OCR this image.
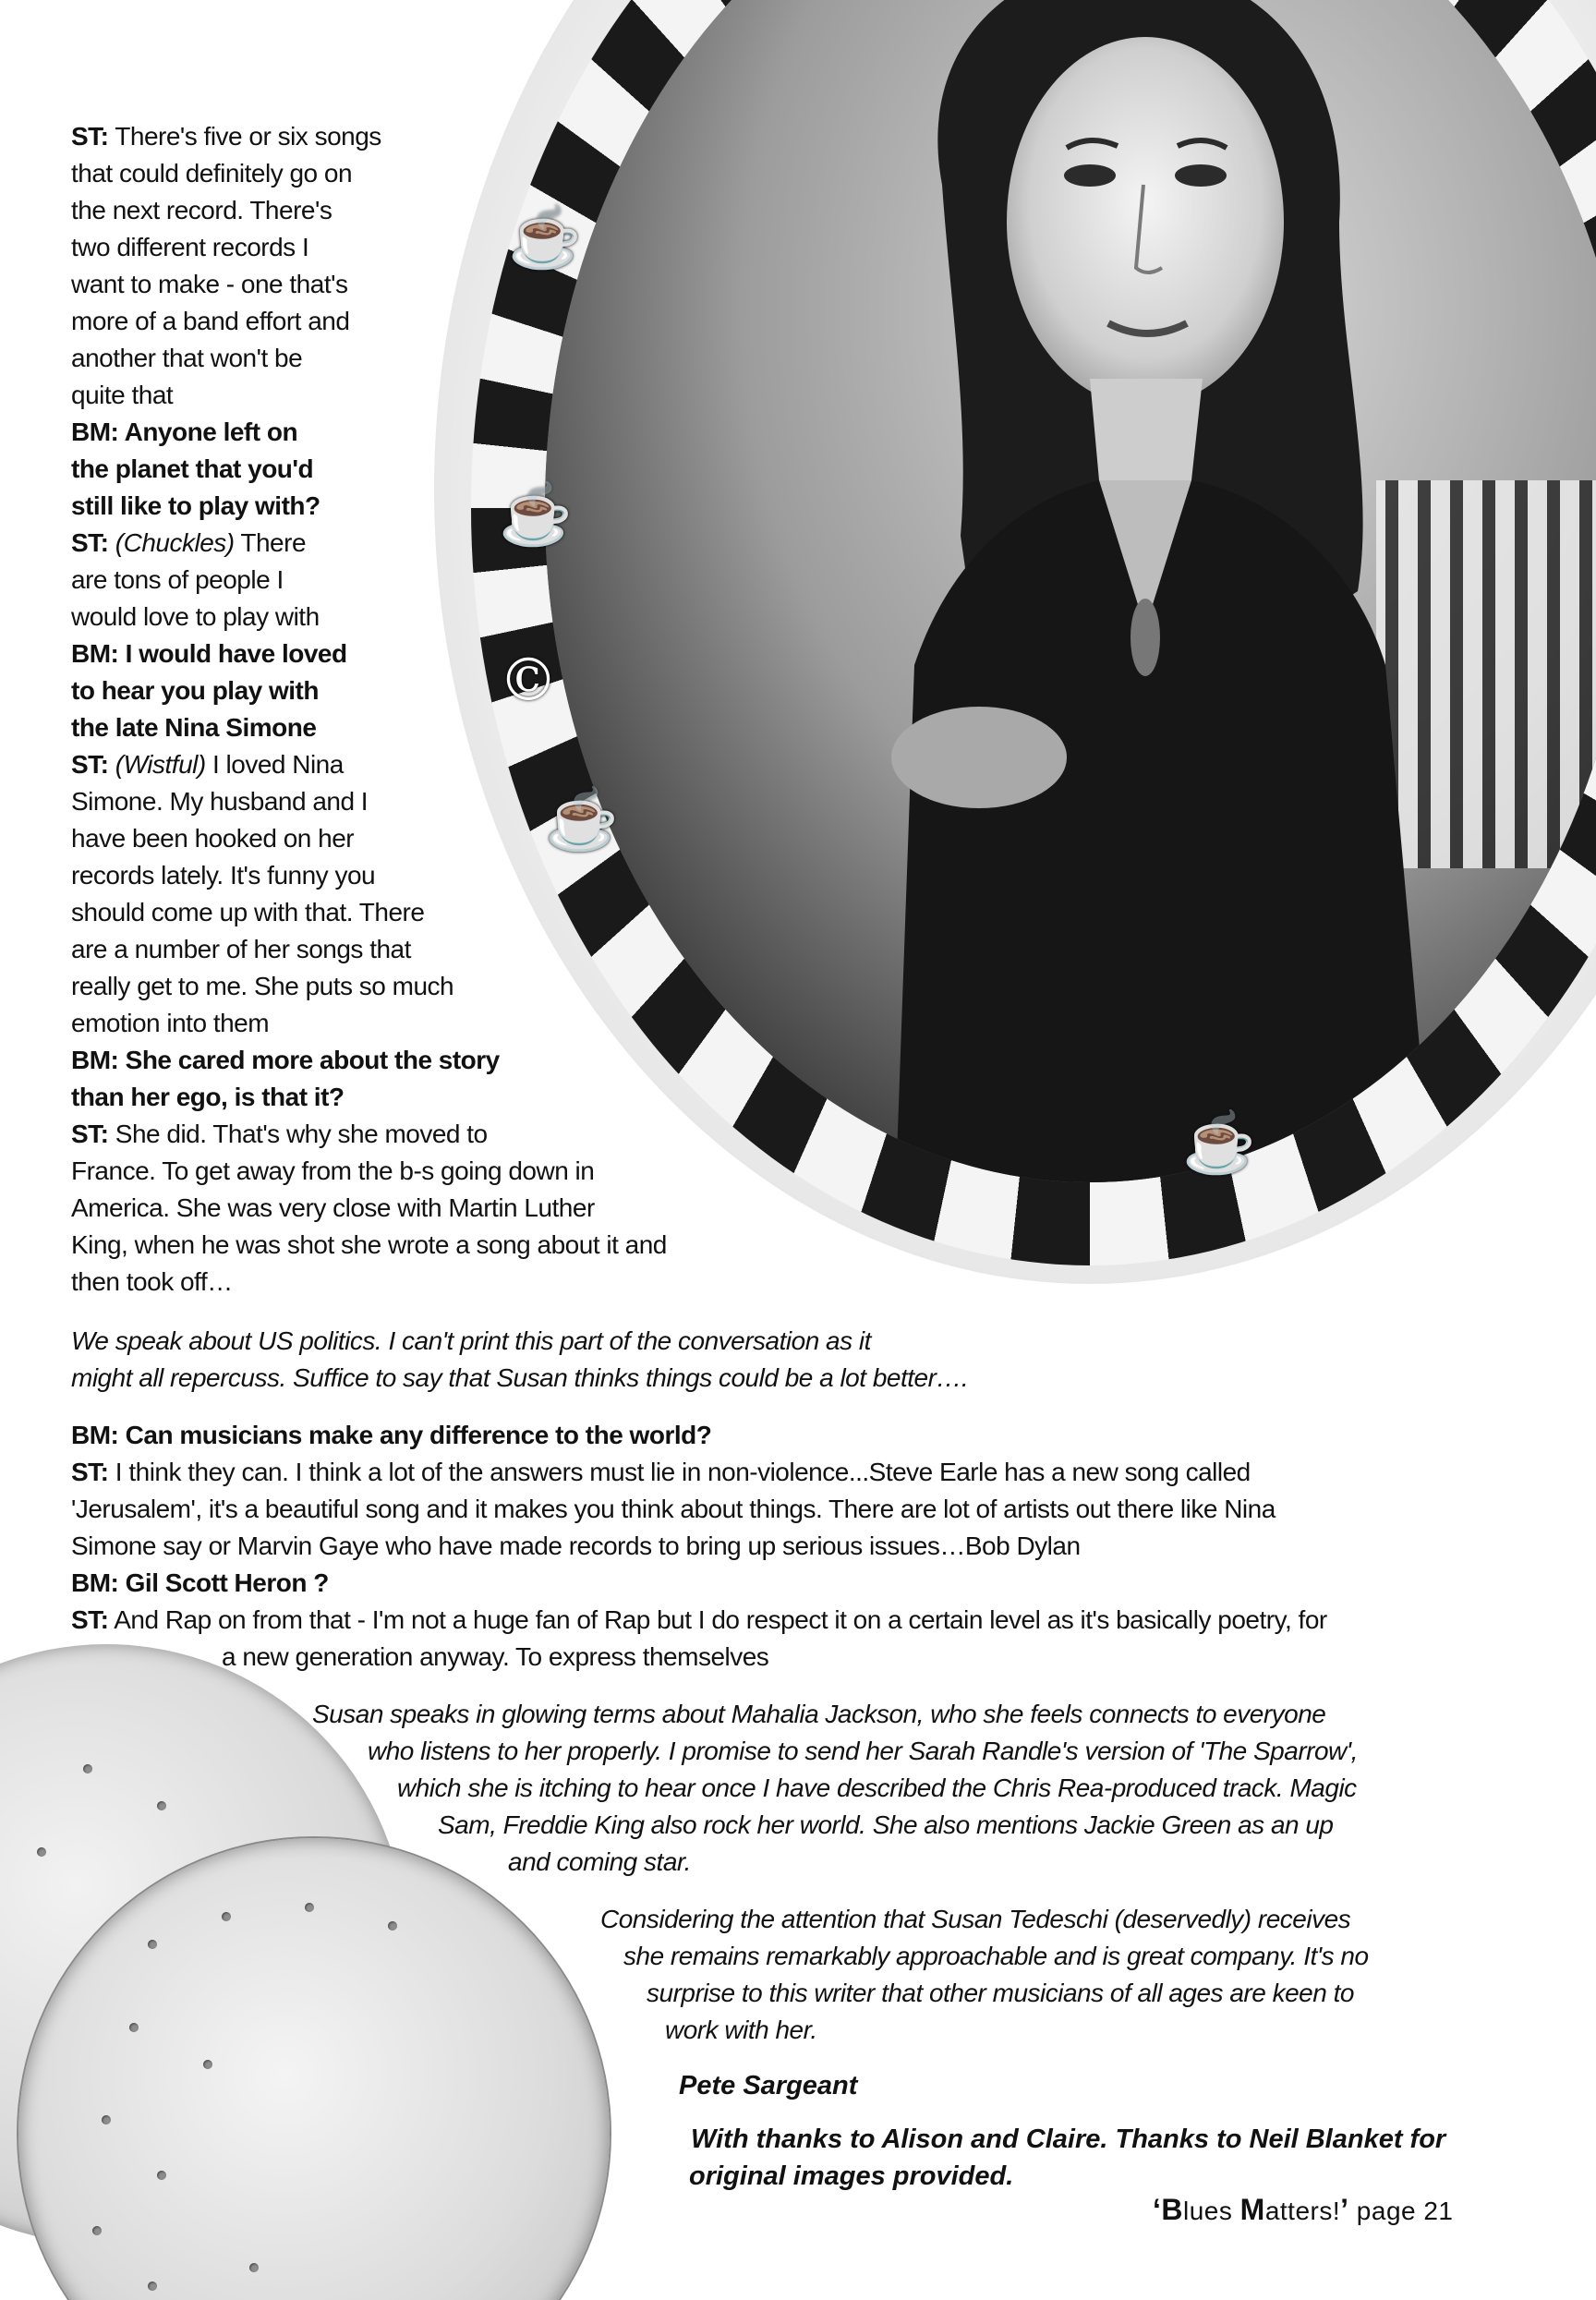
☕
☕
©
☕
☕

ST: There's five or six songs

that could definitely go on

the next record. There's

two different records I

want to make - one that's

more of a band effort and

another that won't be

quite that

BM: Anyone left on

the planet that you'd

still like to play with?

ST: (Chuckles) There

are tons of people I

would love to play with

BM: I would have loved

to hear you play with

the late Nina Simone

ST: (Wistful) I loved Nina

Simone. My husband and I

have been hooked on her

records lately. It's funny you

should come up with that. There
are a number of her songs that
really get to me. She puts so much
emotion into them
BM: She cared more about the story
than her ego, is that it?
ST: She did. That's why she moved to
France. To get away from the b-s going down in
America. She was very close with Martin Luther
King, when he was shot she wrote a song about it and
then took off…
We speak about US politics. I can't print this part of the conversation as it
might all repercuss. Suffice to say that Susan thinks things could be a lot better….
BM: Can musicians make any difference to the world?
ST: I think they can. I think a lot of the answers must lie in non-violence...Steve Earle has a new song called
'Jerusalem', it's a beautiful song and it makes you think about things. There are lot of artists out there like Nina
Simone say or Marvin Gaye who have made records to bring up serious issues…Bob Dylan
BM: Gil Scott Heron ?
ST: And Rap on from that - I'm not a huge fan of Rap but I do respect it on a certain level as it's basically poetry, for
a new generation anyway. To express themselves
Susan speaks in glowing terms about Mahalia Jackson, who she feels connects to everyone
who listens to her properly. I promise to send her Sarah Randle's version of 'The Sparrow',
which she is itching to hear once I have described the Chris Rea-produced track. Magic
Sam, Freddie King also rock her world. She also mentions Jackie Green as an up
and coming star.
Considering the attention that Susan Tedeschi (deservedly) receives
she remains remarkably approachable and is great company. It's no
surprise to this writer that other musicians of all ages are keen to
work with her.
Pete Sargeant
With thanks to Alison and Claire. Thanks to Neil Blanket for
original images provided.
‘Blues Matters!’ page 21
